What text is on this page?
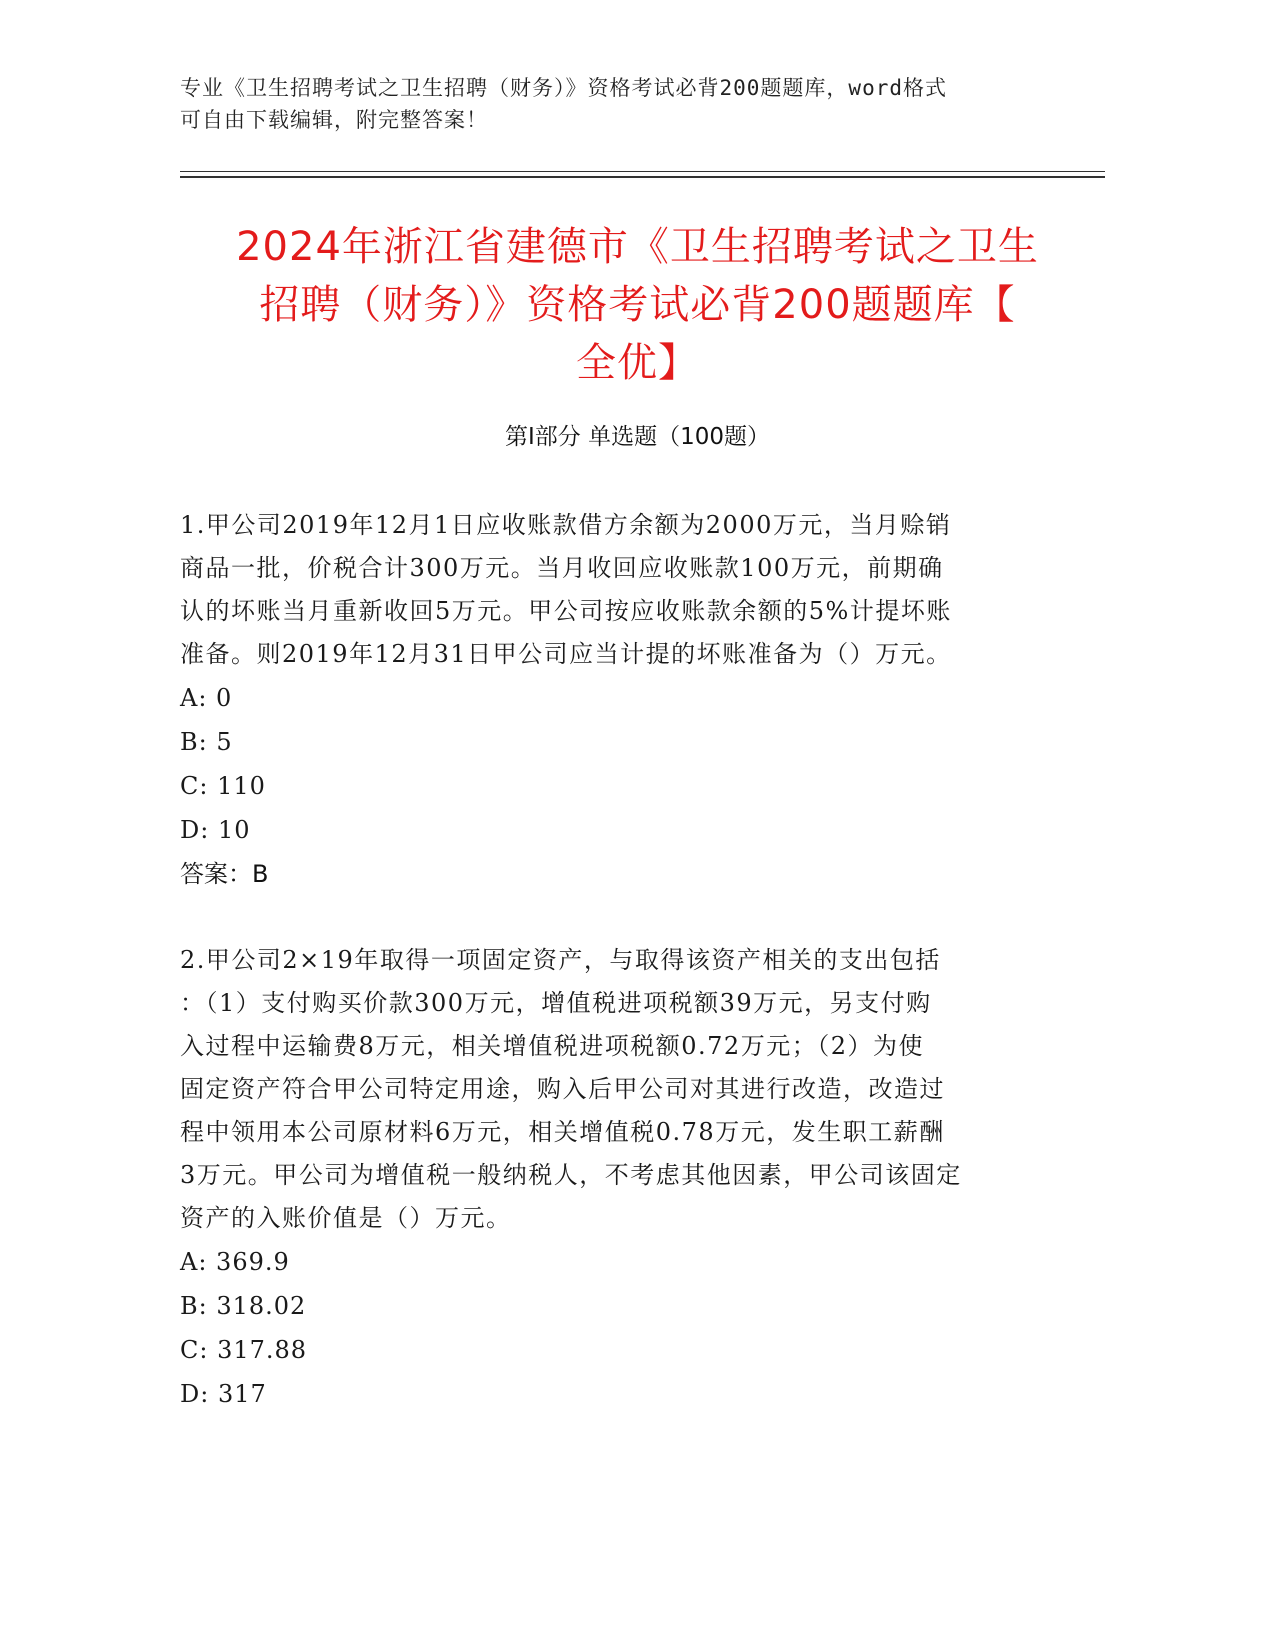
专业《卫生招聘考试之卫生招聘（财务）》资格考试必背200题题库，word格式
可自由下载编辑，附完整答案！
2024年浙江省建德市《卫生招聘考试之卫生
招聘（财务）》资格考试必背200题题库【
全优】
第Ⅰ部分 单选题（100题）
1.甲公司2019年12月1日应收账款借方余额为2000万元，当月赊销
商品一批，价税合计300万元。当月收回应收账款100万元，前期确
认的坏账当月重新收回5万元。甲公司按应收账款余额的5%计提坏账
准备。则2019年12月31日甲公司应当计提的坏账准备为（）万元。
A: 0
B: 5
C: 110
D: 10
答案：B
2.甲公司2×19年取得一项固定资产，与取得该资产相关的支出包括
：（1）支付购买价款300万元，增值税进项税额39万元，另支付购
入过程中运输费8万元，相关增值税进项税额0.72万元；（2）为使
固定资产符合甲公司特定用途，购入后甲公司对其进行改造，改造过
程中领用本公司原材料6万元，相关增值税0.78万元，发生职工薪酬
3万元。甲公司为增值税一般纳税人，不考虑其他因素，甲公司该固定
资产的入账价值是（）万元。
A: 369.9
B: 318.02
C: 317.88
D: 317
